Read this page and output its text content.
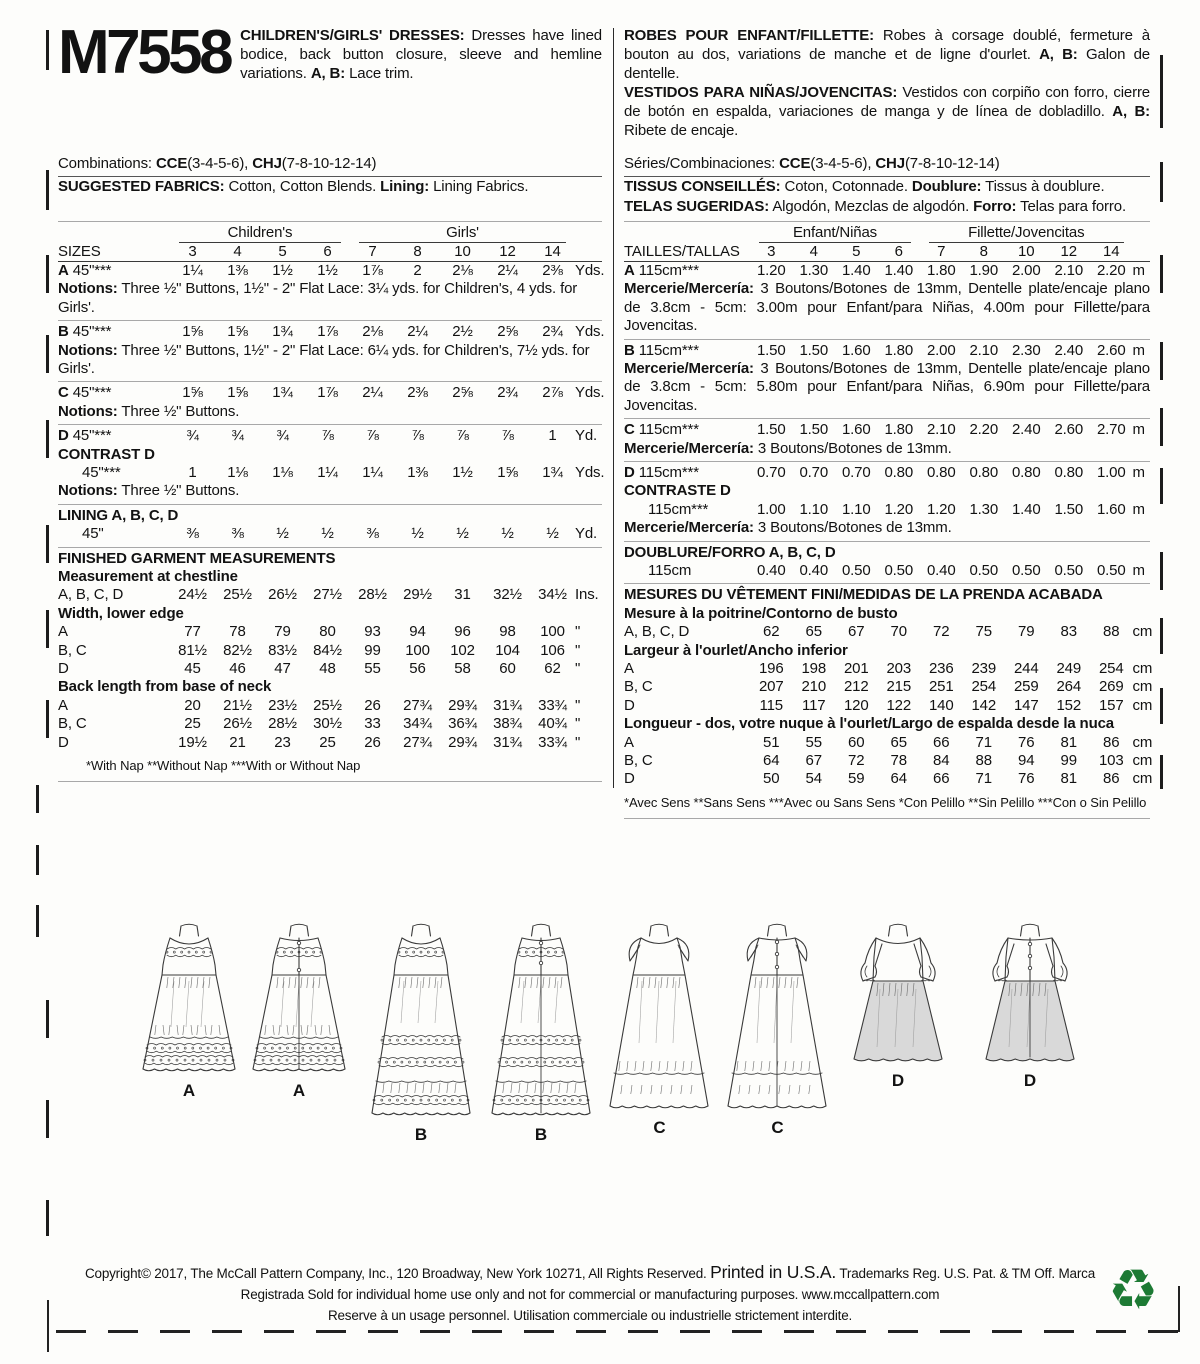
M7558 CHILDREN'S/GIRLS' DRESSES: Dresses have lined bodice, back button closure, sleeve and hemline variations. A, B: Lace trim.
Combinations: CCE(3-4-5-6), CHJ(7-8-10-12-14)
SUGGESTED FABRICS: Cotton, Cotton Blends. Lining: Lining Fabrics.
Children's	Girls'
SIZES	3	4	5	6	7	8	10	12	14
A 45"***	1¼	1⅜	1½	1½	1⅞	2	2⅛	2¼	2⅜ Yds.
Notions: Three ½" Buttons, 1½" - 2" Flat Lace: 3¼ yds. for Children's, 4 yds. for Girls'.
B 45"***	1⅝	1⅝	1¾	1⅞	2⅛	2¼	2½	2⅝	2¾ Yds.
Notions: Three ½" Buttons, 1½" - 2" Flat Lace: 6¼ yds. for Children's, 7½ yds. for Girls'.
C 45"***	1⅝	1⅝	1¾	1⅞	2¼	2⅜	2⅝	2¾	2⅞ Yds.
Notions: Three ½" Buttons.
D 45"***	¾	¾	¾	⅞	⅞	⅞	⅞	⅞	1	Yd.
CONTRAST D
45"***	1	1⅛	1⅛	1¼	1¼	1⅜	1½	1⅝	1¾ Yds.
Notions: Three ½" Buttons.
LINING A, B, C, D
45"	⅜	⅜	½	½	⅜	½	½	½	½	Yd.
FINISHED GARMENT MEASUREMENTS
Measurement at chestline
A, B, C, D	24½	25½	26½	27½	28½	29½	31	32½	34½ Ins.
Width, lower edge
A	77	78	79	80	93	94	96	98	100 "
B, C	81½	82½	83½	84½	99	100	102	104	106 "
D	45	46	47	48	55	56	58	60	62 "
Back length from base of neck
A	20	21½	23½	25½	26	27¾	29¾	31¾	33¾ "
B, C	25	26½	28½	30½	33	34¾	36¾	38¾	40¾ "
D	19½	21	23	25	26	27¾	29¾	31¾	33¾ "
*With Nap **Without Nap ***With or Without Nap
ROBES POUR ENFANT/FILLETTE: Robes à corsage doublé, fermeture à bouton au dos, variations de manche et de ligne d'ourlet. A, B: Galon de dentelle.
VESTIDOS PARA NIÑAS/JOVENCITAS: Vestidos con corpiño con forro, cierre de botón en espalda, variaciones de manga y de línea de dobladillo. A, B: Ribete de encaje.
Séries/Combinaciones: CCE(3-4-5-6), CHJ(7-8-10-12-14)
TISSUS CONSEILLÉS: Coton, Cotonnade. Doublure: Tissus à doublure.
TELAS SUGERIDAS: Algodón, Mezclas de algodón. Forro: Telas para forro.
Enfant/Niñas	Fillette/Jovencitas
TAILLES/TALLAS	3	4	5	6	7	8	10	12	14
A 115cm***	1.20 1.30 1.40 1.40 1.80 1.90 2.00 2.10 2.20 m
Mercerie/Mercería: 3 Boutons/Botones de 13mm, Dentelle plate/encaje plano de 3.8cm - 5cm: 3.00m pour Enfant/para Niñas, 4.00m pour Fillette/para Jovencitas.
B 115cm***	1.50 1.50 1.60 1.80 2.00 2.10 2.30 2.40 2.60 m
Mercerie/Mercería: 3 Boutons/Botones de 13mm, Dentelle plate/encaje plano de 3.8cm - 5cm: 5.80m pour Enfant/para Niñas, 6.90m pour Fillette/para Jovencitas.
C 115cm***	1.50 1.50 1.60 1.80 2.10 2.20 2.40 2.60 2.70 m
Mercerie/Mercería: 3 Boutons/Botones de 13mm.
D 115cm***	0.70 0.70 0.70 0.80 0.80 0.80 0.80 0.80 1.00 m
CONTRASTE D
115cm***	1.00 1.10 1.10 1.20 1.20 1.30 1.40 1.50 1.60 m
Mercerie/Mercería: 3 Boutons/Botones de 13mm.
DOUBLURE/FORRO A, B, C, D
115cm	0.40 0.40 0.50 0.50 0.40 0.50 0.50 0.50 0.50 m
MESURES DU VÊTEMENT FINI/MEDIDAS DE LA PRENDA ACABADA
Mesure à la poitrine/Contorno de busto
A, B, C, D	62	65	67	70	72	75	79	83	88 cm
Largeur à l'ourlet/Ancho inferior
A	196	198	201	203	236	239	244	249	254 cm
B, C	207	210	212	215	251	254	259	264	269 cm
D	115	117	120	122	140	142	147	152	157 cm
Longueur - dos, votre nuque à l'ourlet/Largo de espalda desde la nuca
A	51	55	60	65	66	71	76	81	86 cm
B, C	64	67	72	78	84	88	94	99	103 cm
D	50	54	59	64	66	71	76	81	86 cm
*Avec Sens **Sans Sens ***Avec ou Sans Sens *Con Pelillo **Sin Pelillo ***Con o Sin Pelillo
A	A
B	B	C	C
D	D
Copyright© 2017, The McCall Pattern Company, Inc., 120 Broadway, New York 10271, All Rights Reserved. Printed in U.S.A. Trademarks Reg. U.S. Pat. & TM Off. Marca
Registrada Sold for individual home use only and not for commercial or manufacturing purposes. www.mccallpattern.com
Reserve à un usage personnel. Utilisation commerciale ou industrielle strictement interdite.	♻
